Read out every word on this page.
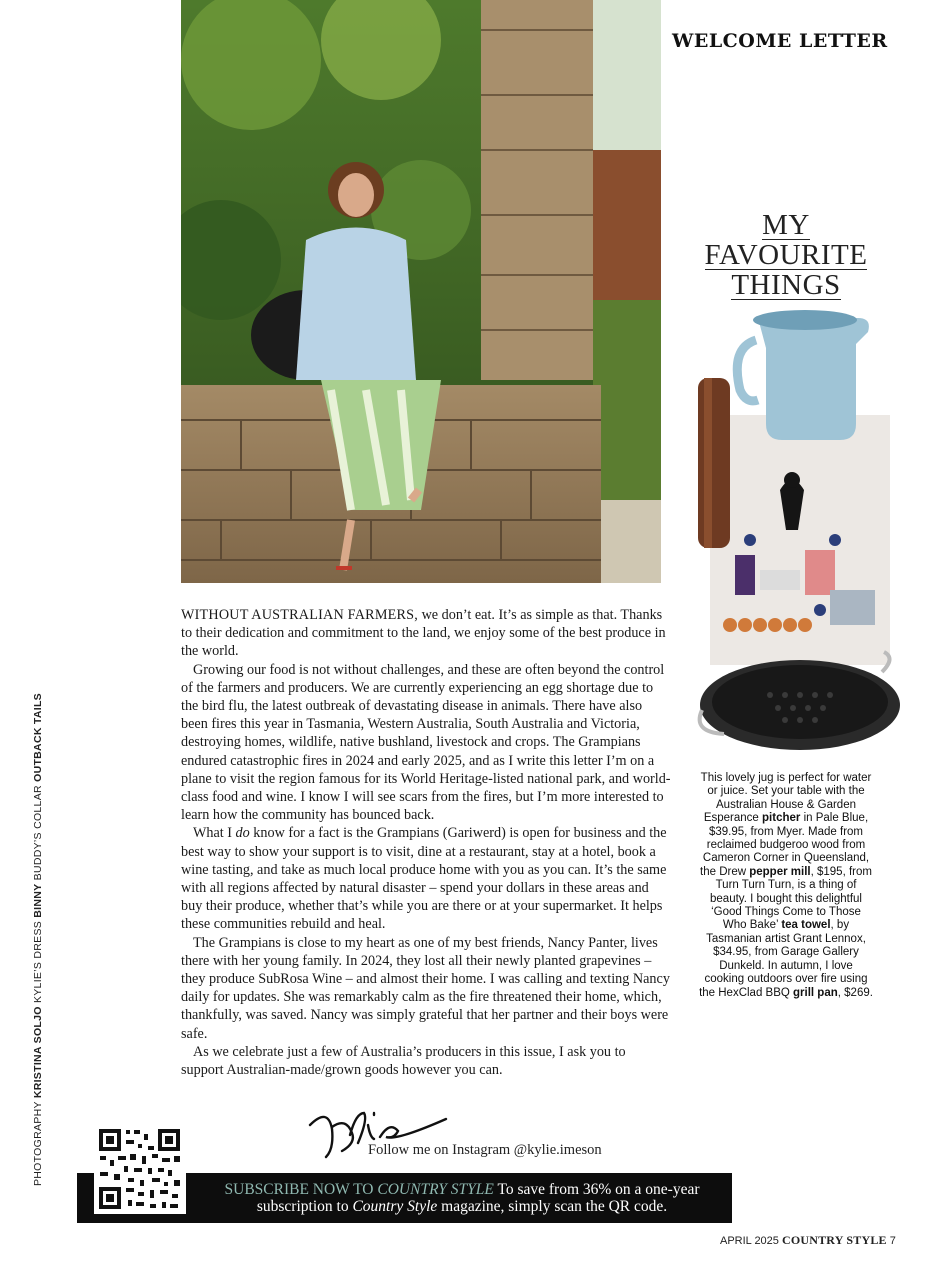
WELCOME LETTER
MY
FAVOURITE
THINGS
This lovely jug is perfect for water or juice. Set your table with the Australian House & Garden Esperance pitcher in Pale Blue, $39.95, from Myer. Made from reclaimed budgeroo wood from Cameron Corner in Queensland, the Drew pepper mill, $195, from Turn Turn Turn, is a thing of beauty. I bought this delightful ‘Good Things Come to Those Who Bake’ tea towel, by Tasmanian artist Grant Lennox, $34.95, from Garage Gallery Dunkeld. In autumn, I love cooking outdoors over fire using the HexClad BBQ grill pan, $269.

WITHOUT AUSTRALIAN FARMERS, we don’t eat. It’s as simple as that. Thanks to their dedication and commitment to the land, we enjoy some of the best produce in the world.

Growing our food is not without challenges, and these are often beyond the control of the farmers and producers. We are currently experiencing an egg shortage due to the bird flu, the latest outbreak of devastating disease in animals. There have also been fires this year in Tasmania, Western Australia, South Australia and Victoria, destroying homes, wildlife, native bushland, livestock and crops. The Grampians endured catastrophic fires in 2024 and early 2025, and as I write this letter I’m on a plane to visit the region famous for its World Heritage-listed national park, and world-class food and wine. I know I will see scars from the fires, but I’m more interested to learn how the community has bounced back.

What I do know for a fact is the Grampians (Gariwerd) is open for business and the best way to show your support is to visit, dine at a restaurant, stay at a hotel, book a wine tasting, and take as much local produce home with you as you can. It’s the same with all regions affected by natural disaster – spend your dollars in these areas and buy their produce, whether that’s while you are there or at your supermarket. It helps these communities rebuild and heal.

The Grampians is close to my heart as one of my best friends, Nancy Panter, lives there with her young family. In 2024, they lost all their newly planted grapevines – they produce SubRosa Wine – and almost their home. I was calling and texting Nancy daily for updates. She was remarkably calm as the fire threatened their home, which, thankfully, was saved. Nancy was simply grateful that her partner and their boys were safe.

As we celebrate just a few of Australia’s producers in this issue, I ask you to support Australian-made/grown goods however you can.

Follow me on Instagram @kylie.imeson
PHOTOGRAPHY KRISTINA SOLJO KYLIE’S DRESS BINNY BUDDY’S COLLAR OUTBACK TAILS
SUBSCRIBE NOW TO COUNTRY STYLE To save from 36% on a one-year
subscription to Country Style magazine, simply scan the QR code.
APRIL 2025 COUNTRY STYLE 7
